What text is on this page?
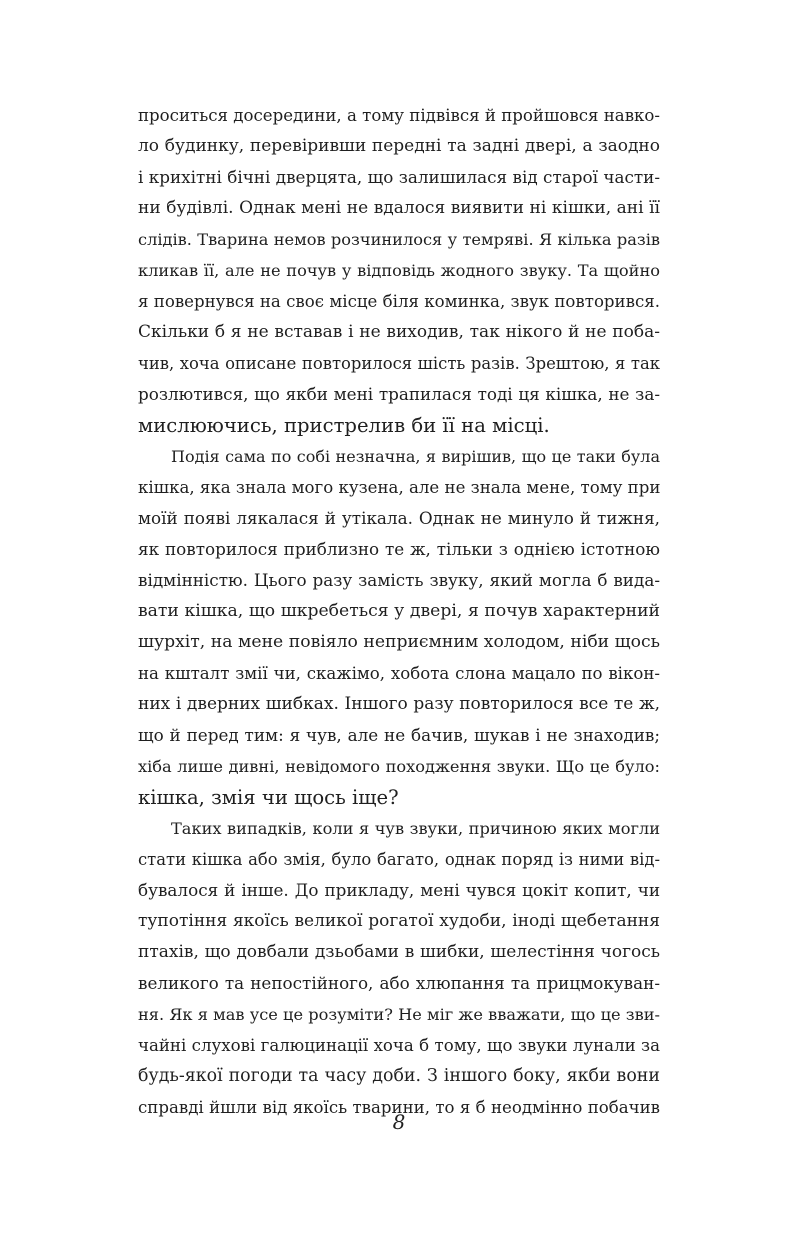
проситься досередини, а тому підвівся й пройшовся навко-
ло будинку, перевіривши передні та задні двері, а заодно
і крихітні бічні дверцята, що залишилася від старої части-
ни будівлі. Однак мені не вдалося виявити ні кішки, ані її
слідів. Тварина немов розчинилося у темряві. Я кілька разів
кликав її, але не почув у відповідь жодного звуку. Та щойно
я повернувся на своє місце біля коминка, звук повторився.
Скільки б я не вставав і не виходив, так нікого й не поба-
чив, хоча описане повторилося шість разів. Зрештою, я так
розлютився, що якби мені трапилася тоді ця кішка, не за-
мислюючись, пристрелив би її на місці.

Подія сама по собі незначна, я вирішив, що це таки була
кішка, яка знала мого кузена, але не знала мене, тому при
моїй появі лякалася й утікала. Однак не минуло й тижня,
як повторилося приблизно те ж, тільки з однією істотною
відмінністю. Цього разу замість звуку, який могла б вида-
вати кішка, що шкребеться у двері, я почув характерний
шурхіт, на мене повіяло неприємним холодом, ніби щось
на кшталт змії чи, скажімо, хобота слона мацало по вікон-
них і дверних шибках. Іншого разу повторилося все те ж,
що й перед тим: я чув, але не бачив, шукав і не знаходив;
хіба лише дивні, невідомого походження звуки. Що це було:
кішка, змія чи щось іще?

Таких випадків, коли я чув звуки, причиною яких могли
стати кішка або змія, було багато, однак поряд із ними від-
бувалося й інше. До прикладу, мені чувся цокіт копит, чи
тупотіння якоїсь великої рогатої худоби, іноді щебетання
птахів, що довбали дзьобами в шибки, шелестіння чогось
великого та непостійного, або хлюпання та прицмокуван-
ня. Як я мав усе це розуміти? Не міг же вважати, що це зви-
чайні слухові галюцинації хоча б тому, що звуки лунали за
будь-якої погоди та часу доби. З іншого боку, якби вони
справді йшли від якоїсь тварини, то я б неодмінно побачив

8
